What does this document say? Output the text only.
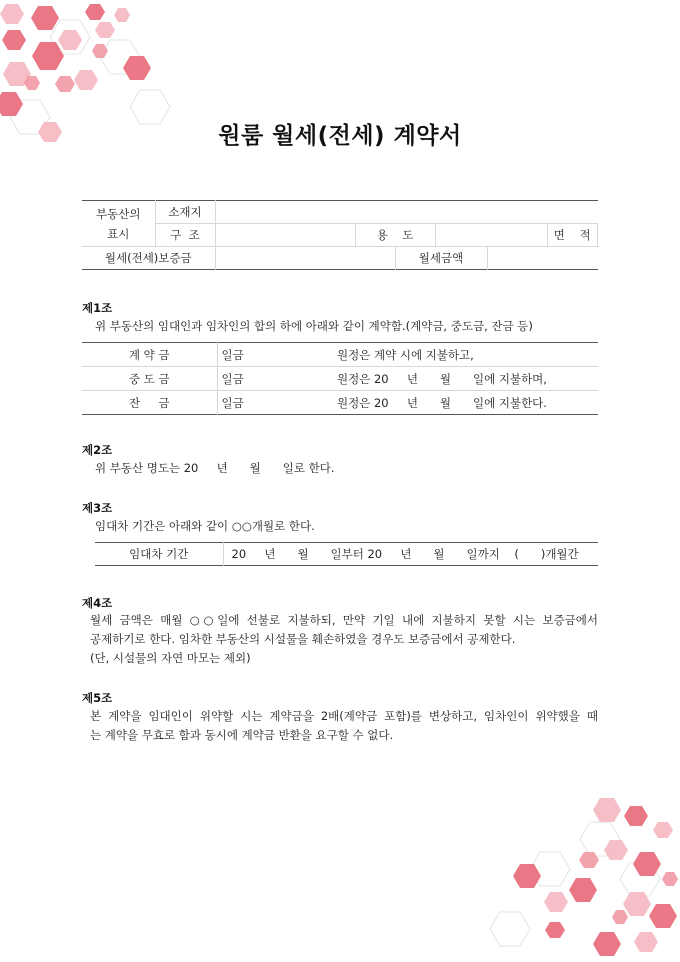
원룸 월세(전세) 계약서
부동산의
표시	소재지							
	구  조		용    도				면    적	
월세(전세)보증금				월세금액				
제1조
위 부동산의 임대인과 임차인의 합의 하에 아래와 같이 계약함.(계약금, 중도금, 잔금 등)
계 약 금	일금	원정은 계약 시에 지불하고,
중 도 금	일금	원정은 20     년      월      일에 지불하며,
잔     금	일금	원정은 20     년      월      일에 지불한다.
제2조
위 부동산 명도는 20     년      월      일로 한다.
제3조
임대차 기간은 아래와 같이 ○○개월로 한다.
임대차 기간	20     년      월      일부터 20     년      월      일까지    (      )개월간
제4조
월세 금액은 매월 ○○일에 선불로 지불하되, 만약 기일 내에 지불하지 못할 시는 보증금에서
공제하기로 한다. 임차한 부동산의 시설물을 훼손하였을 경우도 보증금에서 공제한다.
(단, 시설물의 자연 마모는 제외)
제5조
본 계약을 임대인이 위약할 시는 계약금을 2배(계약금 포함)를 변상하고, 임차인이 위약했을 때
는 계약을 무효로 함과 동시에 계약금 반환을 요구할 수 없다.
